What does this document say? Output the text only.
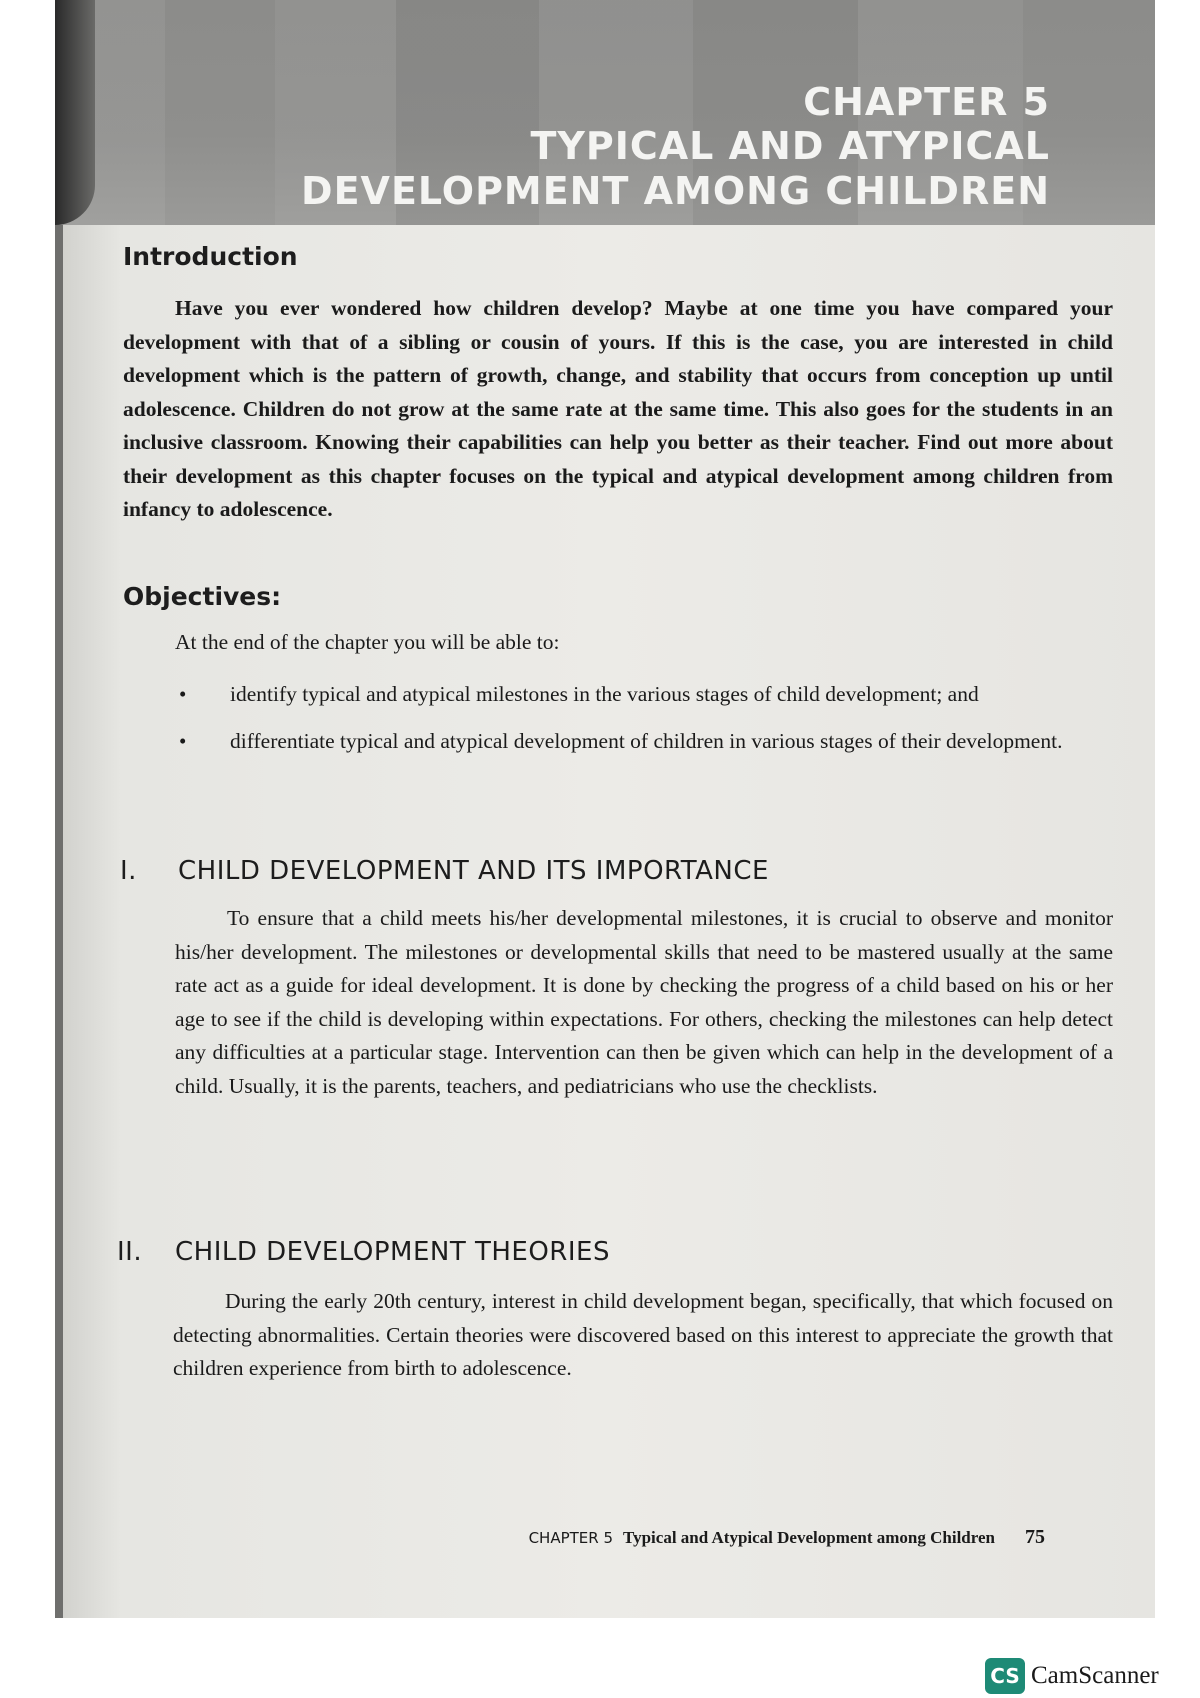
CHAPTER 5
TYPICAL AND ATYPICAL
DEVELOPMENT AMONG CHILDREN
Introduction

Have you ever wondered how children develop? Maybe at one time you have compared your development with that of a sibling or cousin of yours. If this is the case, you are interested in child development which is the pattern of growth, change, and stability that occurs from conception up until adolescence. Children do not grow at the same rate at the same time. This also goes for the students in an inclusive classroom. Knowing their capabilities can help you better as their teacher. Find out more about their development as this chapter focuses on the typical and atypical development among children from infancy to adolescence.

Objectives:

At the end of the chapter you will be able to:

• identify typical and atypical milestones in the various stages of child development; and
• differentiate typical and atypical development of children in various stages of their development.
I. CHILD DEVELOPMENT AND ITS IMPORTANCE

To ensure that a child meets his/her developmental milestones, it is crucial to observe and monitor his/her development. The milestones or developmental skills that need to be mastered usually at the same rate act as a guide for ideal development. It is done by checking the progress of a child based on his or her age to see if the child is developing within expectations. For others, checking the milestones can help detect any difficulties at a particular stage. Intervention can then be given which can help in the development of a child. Usually, it is the parents, teachers, and pediatricians who use the checklists.

II. CHILD DEVELOPMENT THEORIES

During the early 20th century, interest in child development began, specifically, that which focused on detecting abnormalities. Certain theories were discovered based on this interest to appreciate the growth that children experience from birth to adolescence.

CHAPTER 5 Typical and Atypical Development among Children 75
CS CamScanner
